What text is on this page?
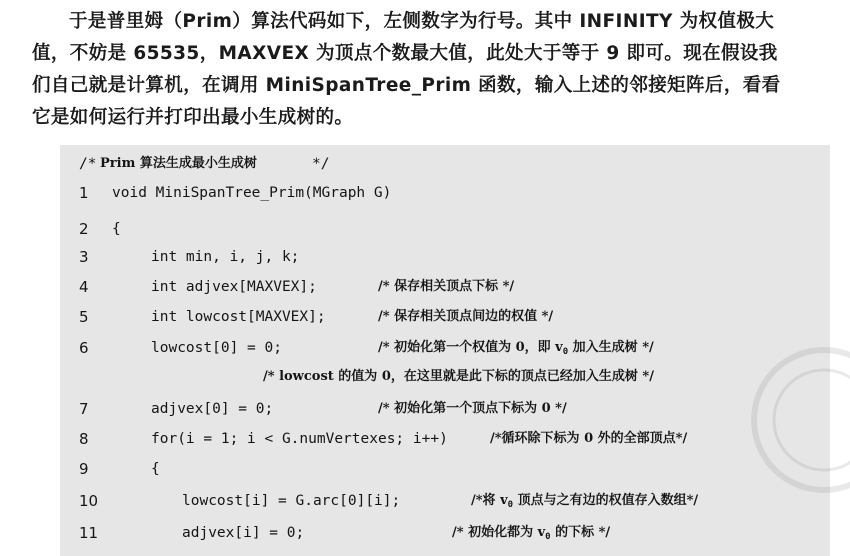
于是普里姆（Prim）算法代码如下，左侧数字为行号。其中 INFINITY 为权值极大
值，不妨是 65535，MAXVEX 为顶点个数最大值，此处大于等于 9 即可。现在假设我
们自己就是计算机，在调用 MiniSpanTree_Prim 函数，输入上述的邻接矩阵后，看看
它是如何运行并打印出最小生成树的。
/* Prim 算法生成最小生成树	*/
1	void MiniSpanTree_Prim(MGraph G)
2	{
3	int min, i, j, k;
4	int adjvex[MAXVEX];	/* 保存相关顶点下标 */
5	int lowcost[MAXVEX];	/* 保存相关顶点间边的权值 */
6	lowcost[0] = 0;	/* 初始化第一个权值为 0，即 $v_0$ 加入生成树 */
/* lowcost 的值为 0，在这里就是此下标的顶点已经加入生成树 */
7	adjvex[0] = 0;	/* 初始化第一个顶点下标为 0 */
8	for(i = 1; i < G.numVertexes; i++)	/*循环除下标为 0 外的全部顶点*/
9	{
10	lowcost[i] = G.arc[0][i];	/*将 $v_0$ 顶点与之有边的权值存入数组*/
11	adjvex[i] = 0;	/* 初始化都为 $v_0$ 的下标 */
